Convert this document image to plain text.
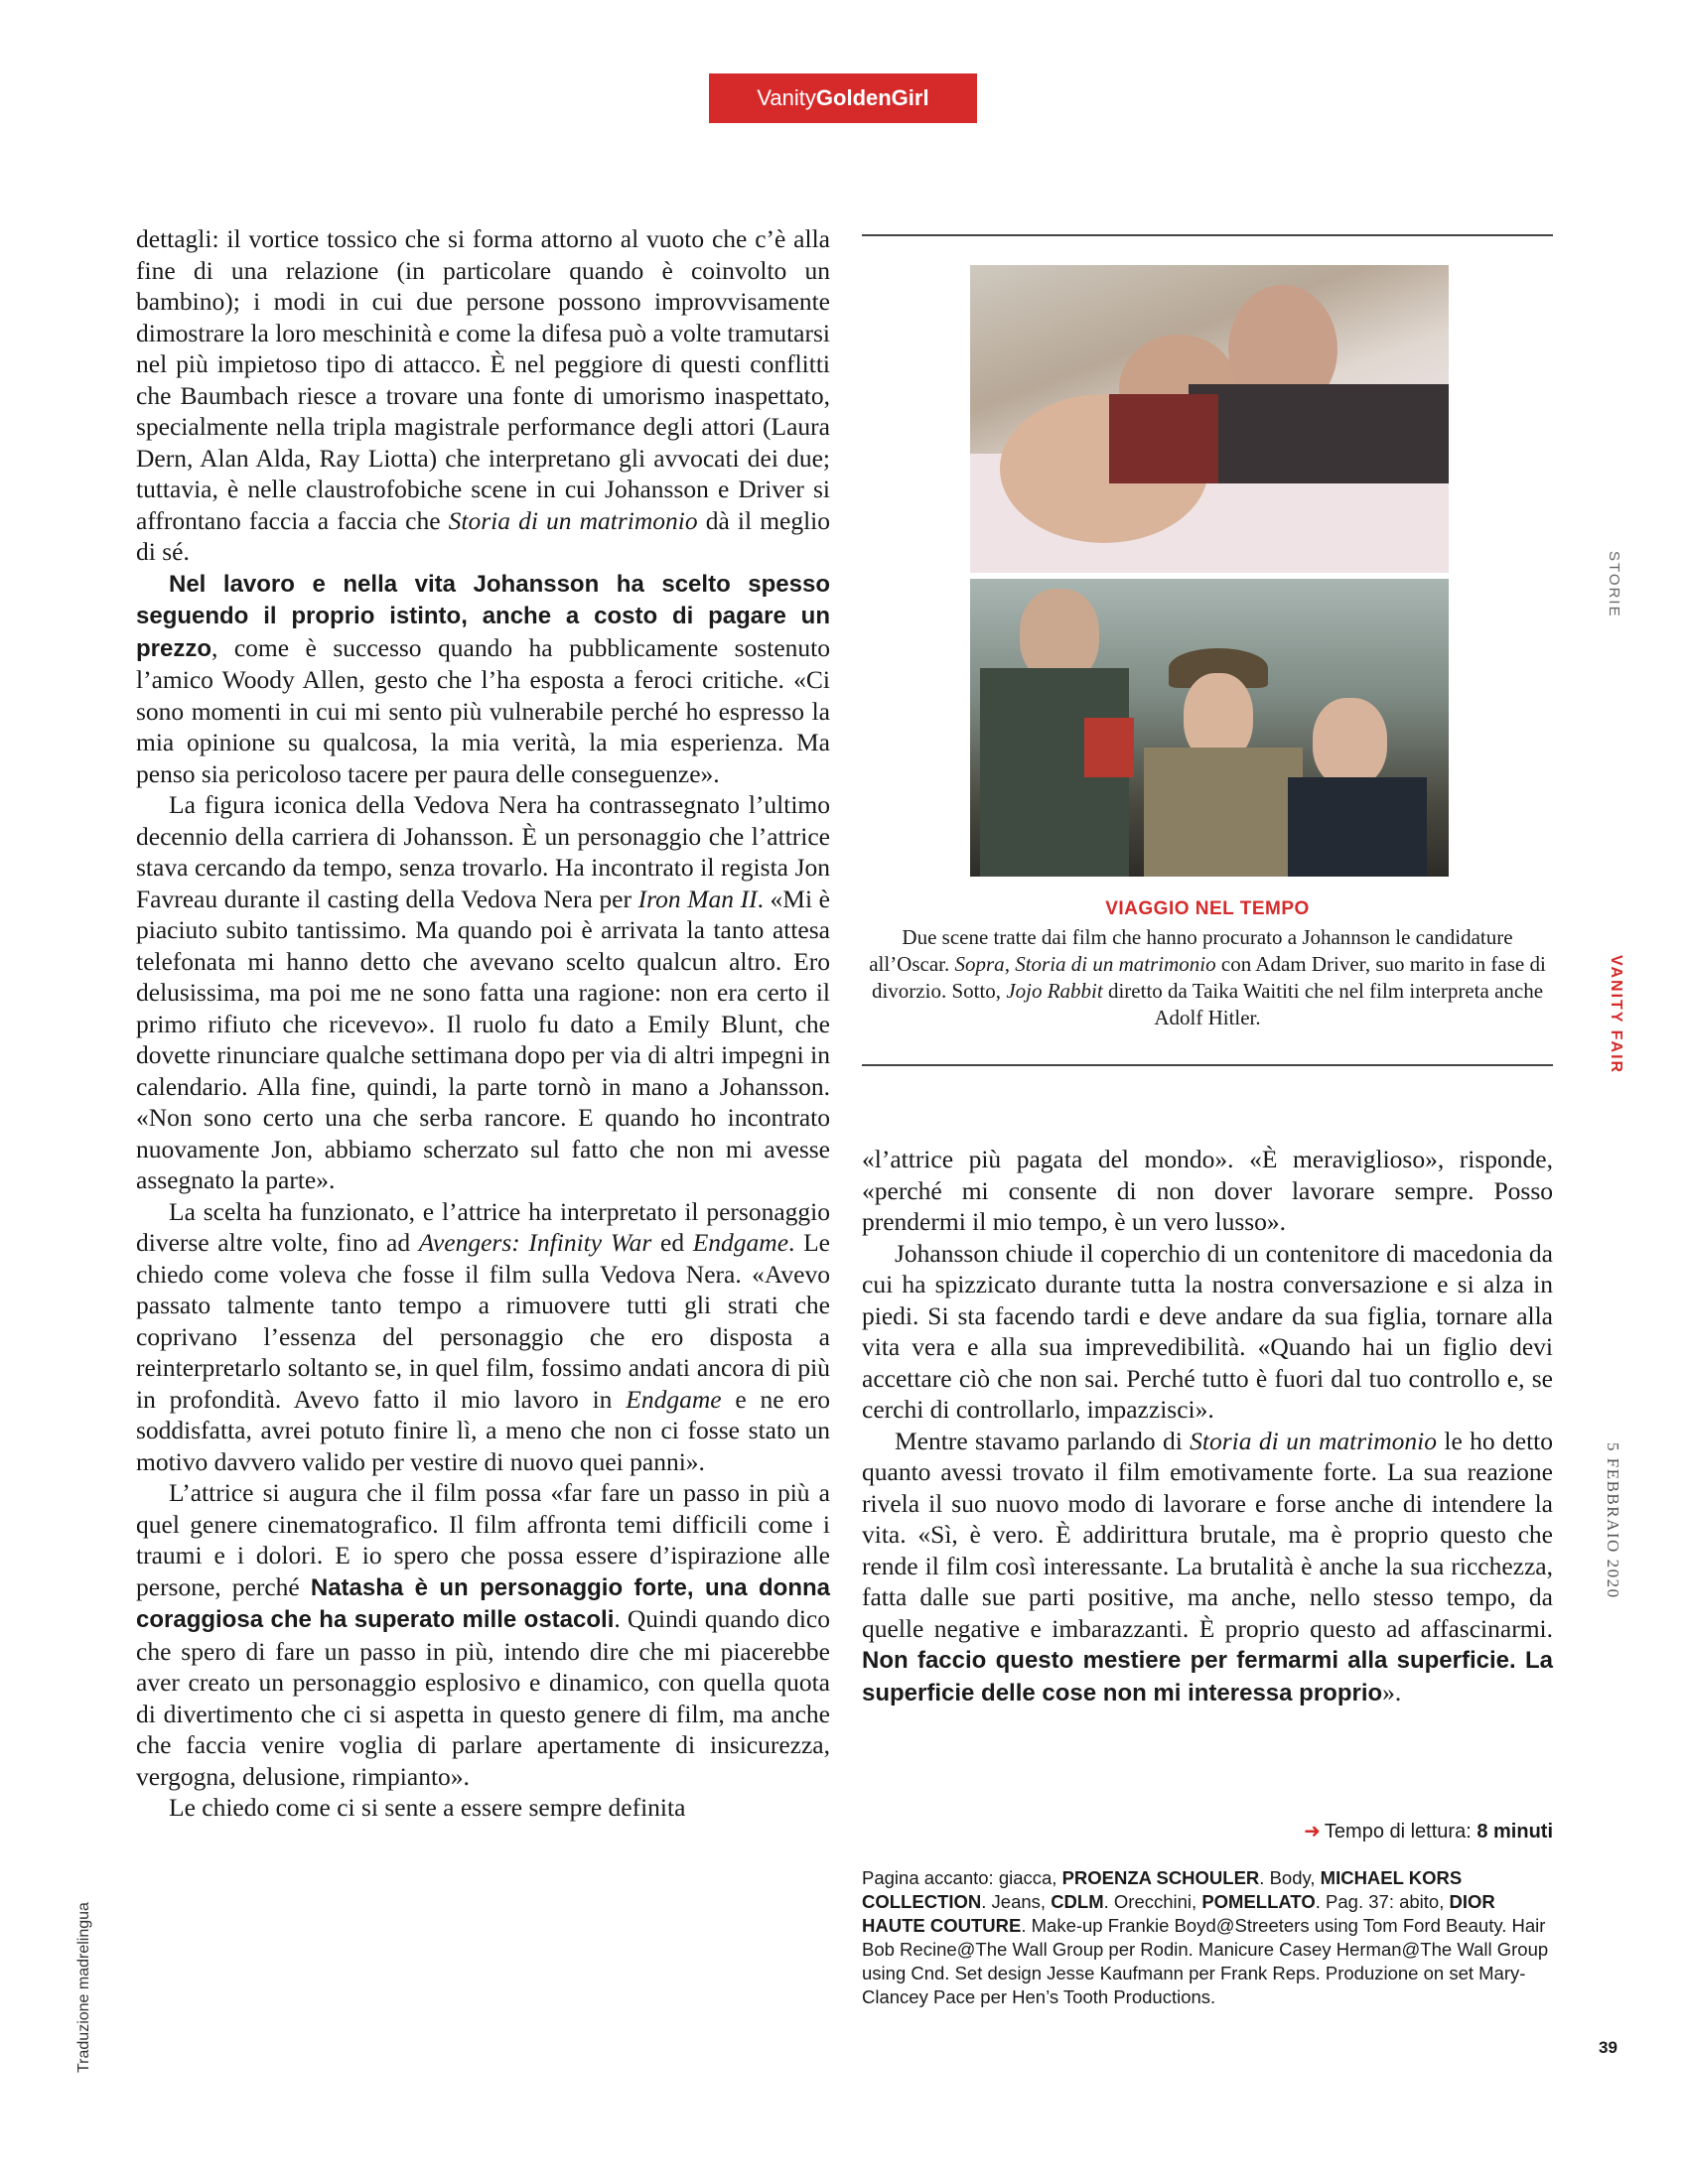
Vanity GoldenGirl

dettagli: il vortice tossico che si forma attorno al vuoto che c’è alla fine di una relazione (in particolare quando è coinvolto un bambino); i modi in cui due persone possono improvvisamente dimostrare la loro meschinità e come la difesa può a volte tramutarsi nel più impietoso tipo di attacco. È nel peggiore di questi conflitti che Baumbach riesce a trovare una fonte di umorismo inaspettato, specialmente nella tripla magistrale performance degli attori (Laura Dern, Alan Alda, Ray Liotta) che interpretano gli avvocati dei due; tuttavia, è nelle claustrofobiche scene in cui Johansson e Driver si affrontano faccia a faccia che Storia di un matrimonio dà il meglio di sé.

Nel lavoro e nella vita Johansson ha scelto spesso seguendo il proprio istinto, anche a costo di pagare un prezzo, come è successo quando ha pubblicamente sostenuto l’amico Woody Allen, gesto che l’ha esposta a feroci critiche. «Ci sono momenti in cui mi sento più vulnerabile perché ho espresso la mia opinione su qualcosa, la mia verità, la mia esperienza. Ma penso sia pericoloso tacere per paura delle conseguenze».

La figura iconica della Vedova Nera ha contrassegnato l’ultimo decennio della carriera di Johansson. È un personaggio che l’attrice stava cercando da tempo, senza trovarlo. Ha incontrato il regista Jon Favreau durante il casting della Vedova Nera per Iron Man II. «Mi è piaciuto subito tantissimo. Ma quando poi è arrivata la tanto attesa telefonata mi hanno detto che avevano scelto qualcun altro. Ero delusissima, ma poi me ne sono fatta una ragione: non era certo il primo rifiuto che ricevevo». Il ruolo fu dato a Emily Blunt, che dovette rinunciare qualche settimana dopo per via di altri impegni in calendario. Alla fine, quindi, la parte tornò in mano a Johansson. «Non sono certo una che serba rancore. E quando ho incontrato nuovamente Jon, abbiamo scherzato sul fatto che non mi avesse assegnato la parte».

La scelta ha funzionato, e l’attrice ha interpretato il personaggio diverse altre volte, fino ad Avengers: Infinity War ed Endgame. Le chiedo come voleva che fosse il film sulla Vedova Nera. «Avevo passato talmente tanto tempo a rimuovere tutti gli strati che coprivano l’essenza del personaggio che ero disposta a reinterpretarlo soltanto se, in quel film, fossimo andati ancora di più in profondità. Avevo fatto il mio lavoro in Endgame e ne ero soddisfatta, avrei potuto finire lì, a meno che non ci fosse stato un motivo davvero valido per vestire di nuovo quei panni».

L’attrice si augura che il film possa «far fare un passo in più a quel genere cinematografico. Il film affronta temi difficili come i traumi e i dolori. E io spero che possa essere d’ispirazione alle persone, perché Natasha è un personaggio forte, una donna coraggiosa che ha superato mille ostacoli. Quindi quando dico che spero di fare un passo in più, intendo dire che mi piacerebbe aver creato un personaggio esplosivo e dinamico, con quella quota di divertimento che ci si aspetta in questo genere di film, ma anche che faccia venire voglia di parlare apertamente di insicurezza, vergogna, delusione, rimpianto».

Le chiedo come ci si sente a essere sempre definita

VIAGGIO NEL TEMPO
Due scene tratte dai film che hanno procurato a Johannson le candidature all’Oscar. Sopra, Storia di un matrimonio con Adam Driver, suo marito in fase di divorzio. Sotto, Jojo Rabbit diretto da Taika Waititi che nel film interpreta anche Adolf Hitler.

«l’attrice più pagata del mondo». «È meraviglioso», risponde, «perché mi consente di non dover lavorare sempre. Posso prendermi il mio tempo, è un vero lusso».

Johansson chiude il coperchio di un contenitore di macedonia da cui ha spizzicato durante tutta la nostra conversazione e si alza in piedi. Si sta facendo tardi e deve andare da sua figlia, tornare alla vita vera e alla sua imprevedibilità. «Quando hai un figlio devi accettare ciò che non sai. Perché tutto è fuori dal tuo controllo e, se cerchi di controllarlo, impazzisci».

Mentre stavamo parlando di Storia di un matrimonio le ho detto quanto avessi trovato il film emotivamente forte. La sua reazione rivela il suo nuovo modo di lavorare e forse anche di intendere la vita. «Sì, è vero. È addirittura brutale, ma è proprio questo che rende il film così interessante. La brutalità è anche la sua ricchezza, fatta dalle sue parti positive, ma anche, nello stesso tempo, da quelle negative e imbarazzanti. È proprio questo ad affascinarmi. Non faccio questo mestiere per fermarmi alla superficie. La superficie delle cose non mi interessa proprio».

➜ Tempo di lettura: 8 minuti
Pagina accanto: giacca, PROENZA SCHOULER. Body, MICHAEL KORS COLLECTION. Jeans, CDLM. Orecchini, POMELLATO. Pag. 37: abito, DIOR HAUTE COUTURE. Make-up Frankie Boyd@Streeters using Tom Ford Beauty. Hair Bob Recine@The Wall Group per Rodin. Manicure Casey Herman@The Wall Group using Cnd. Set design Jesse Kaufmann per Frank Reps. Produzione on set Mary-Clancey Pace per Hen’s Tooth Productions.
STORIE
VANITY FAIR
5 FEBBRAIO 2020
Traduzione madrelingua	39
